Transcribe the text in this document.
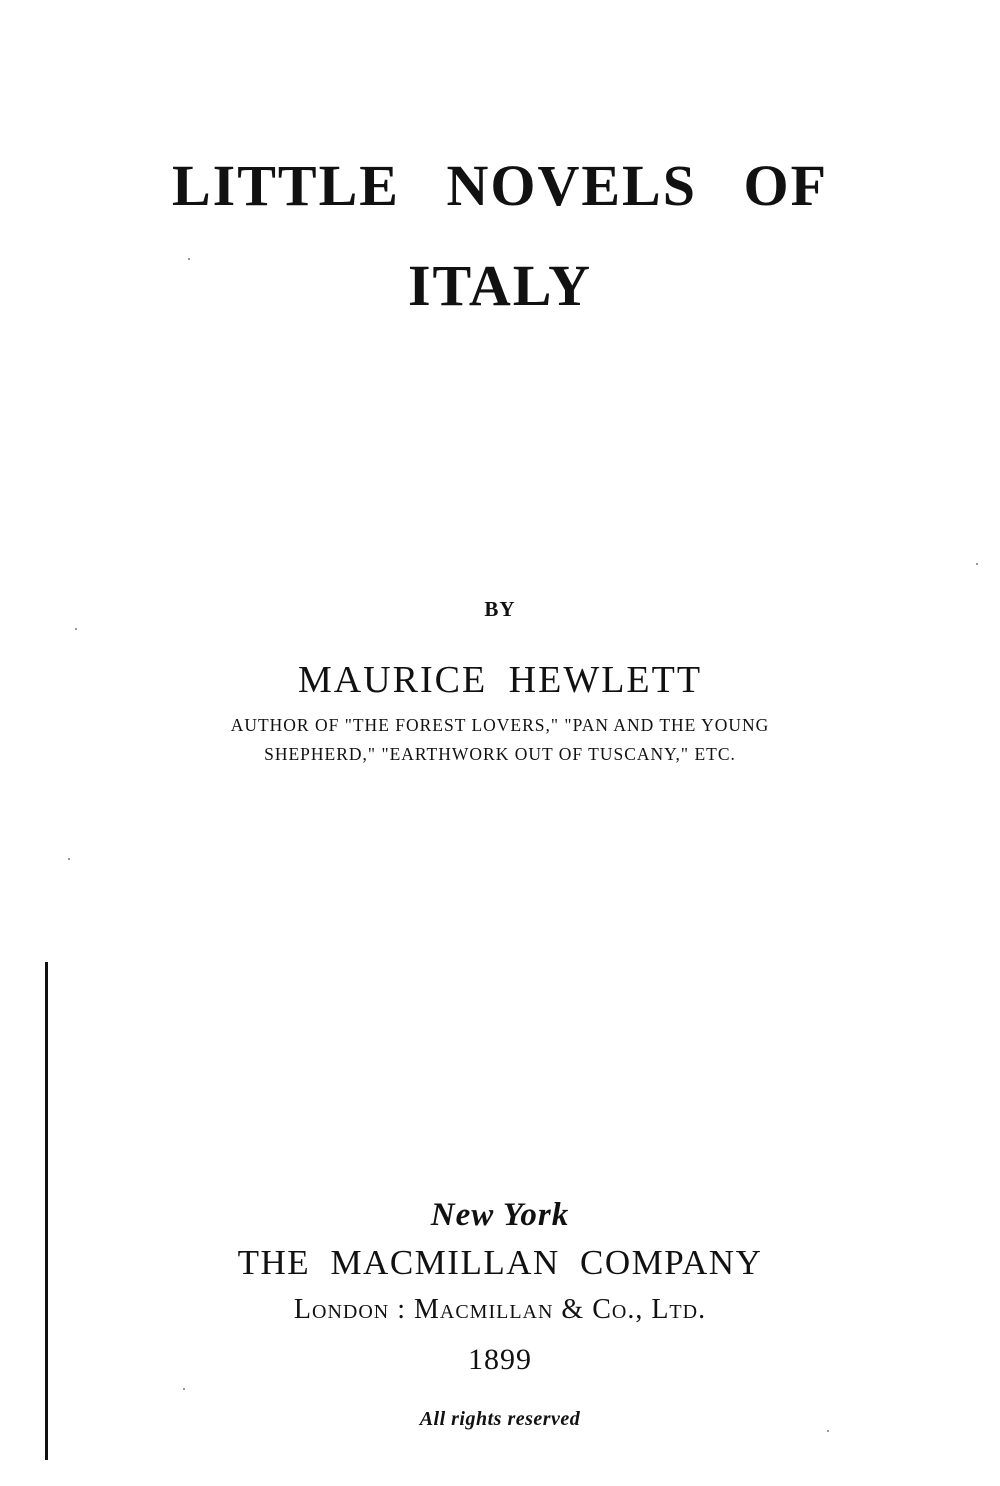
LITTLE NOVELS OF
ITALY
BY
MAURICE HEWLETT
AUTHOR OF "THE FOREST LOVERS," "PAN AND THE YOUNG
SHEPHERD," "EARTHWORK OUT OF TUSCANY," ETC.
New York
THE MACMILLAN COMPANY
London : Macmillan & Co., Ltd.
1899
All rights reserved
